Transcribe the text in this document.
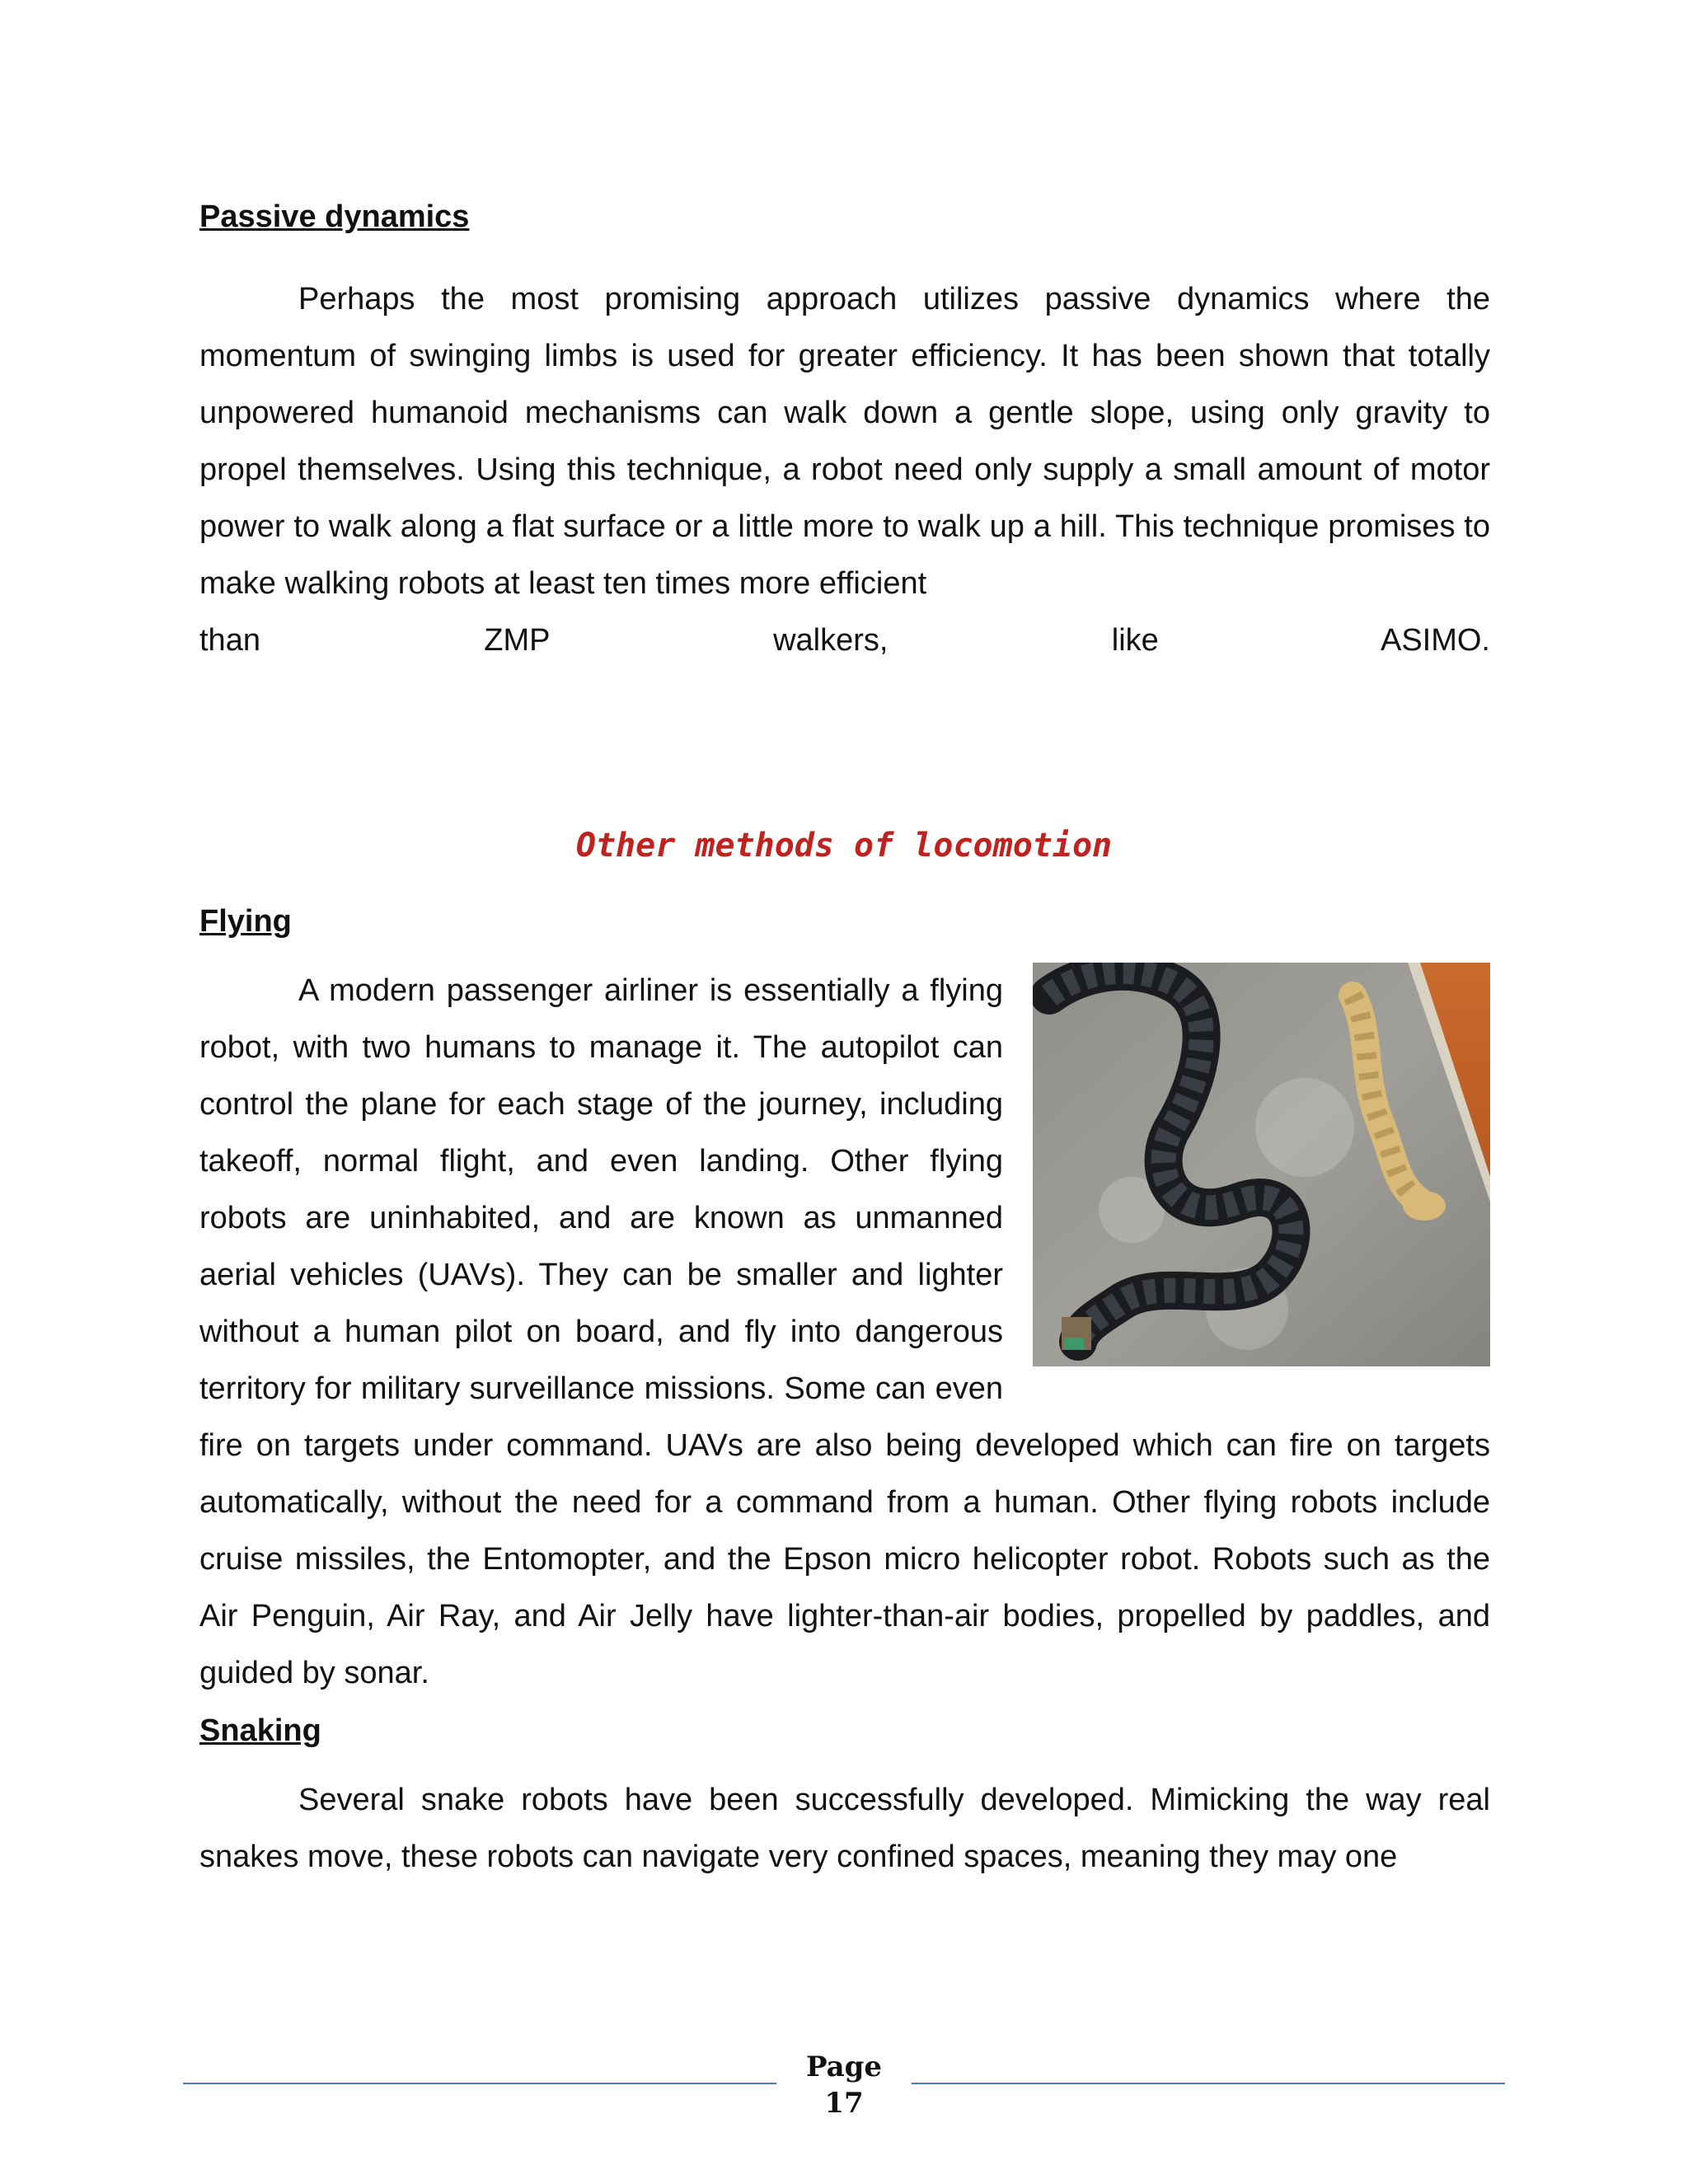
Passive dynamics

Perhaps the most promising approach utilizes passive dynamics where the momentum of swinging limbs is used for greater efficiency. It has been shown that totally unpowered humanoid mechanisms can walk down a gentle slope, using only gravity to propel themselves. Using this technique, a robot need only supply a small amount of motor power to walk along a flat surface or a little more to walk up a hill. This technique promises to make walking robots at least ten times more efficient

than ZMP walkers, like ASIMO.

Other methods of locomotion
Flying

A modern passenger airliner is essentially a flying robot, with two humans to manage it. The autopilot can control the plane for each stage of the journey, including takeoff, normal flight, and even landing. Other flying robots are uninhabited, and are known as unmanned aerial vehicles (UAVs). They can be smaller and lighter without a human pilot on board, and fly into dangerous territory for military surveillance missions. Some can even fire on targets under command. UAVs are also being developed which can fire on targets automatically, without the need for a command from a human. Other flying robots include cruise missiles, the Entomopter, and the Epson micro helicopter robot. Robots such as the Air Penguin, Air Ray, and Air Jelly have lighter-than-air bodies, propelled by paddles, and guided by sonar.

Snaking

Several snake robots have been successfully developed. Mimicking the way real snakes move, these robots can navigate very confined spaces, meaning they may one

Page
17
